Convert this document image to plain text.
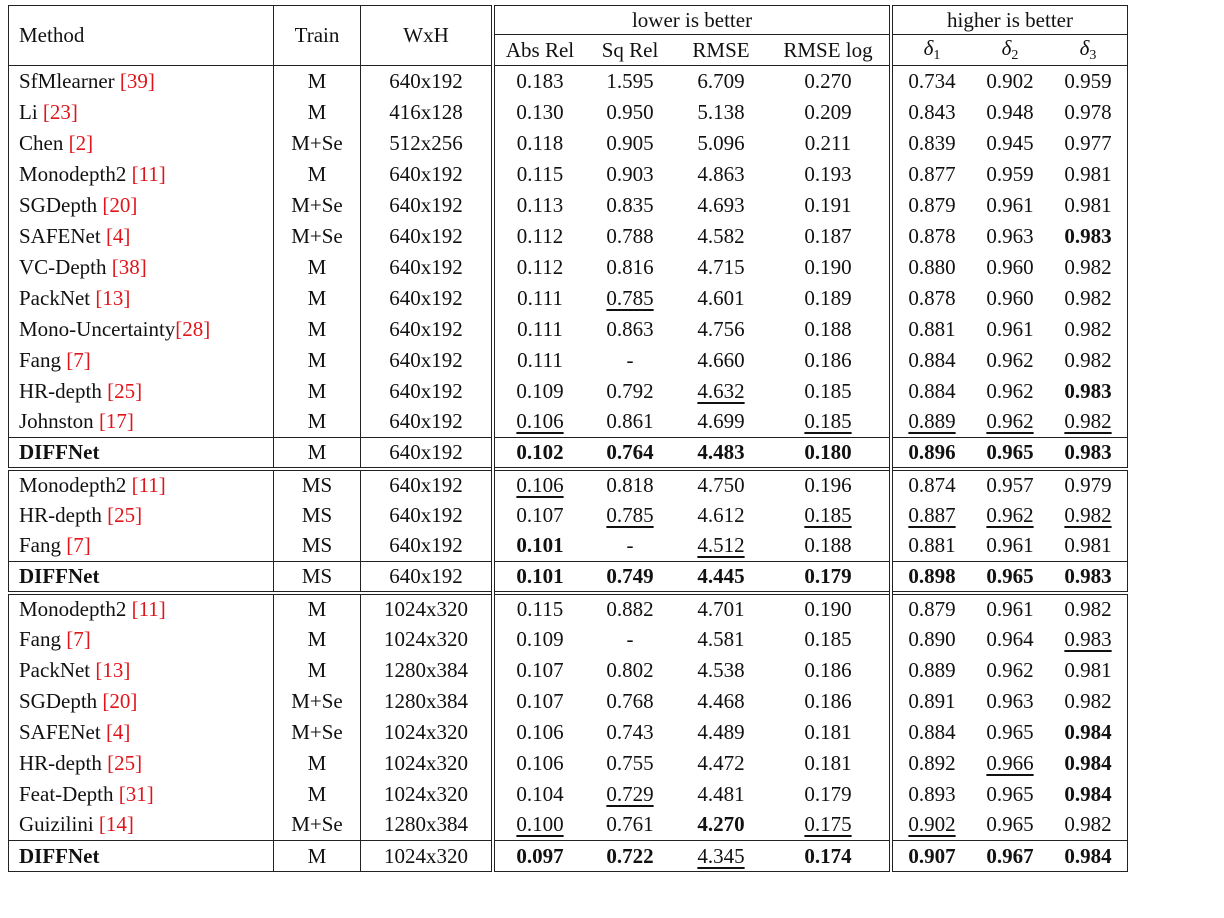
Method	Train	WxH	lower is better				higher is better		
			Abs Rel	Sq Rel	RMSE	RMSE log	$\delta_1$	$\delta_2$	$\delta_3$
SfMlearner [39]	M	640x192	0.183	1.595	6.709	0.270	0.734	0.902	0.959
Li [23]	M	416x128	0.130	0.950	5.138	0.209	0.843	0.948	0.978
Chen [2]	M+Se	512x256	0.118	0.905	5.096	0.211	0.839	0.945	0.977
Monodepth2 [11]	M	640x192	0.115	0.903	4.863	0.193	0.877	0.959	0.981
SGDepth [20]	M+Se	640x192	0.113	0.835	4.693	0.191	0.879	0.961	0.981
SAFENet [4]	M+Se	640x192	0.112	0.788	4.582	0.187	0.878	0.963	0.983
VC-Depth [38]	M	640x192	0.112	0.816	4.715	0.190	0.880	0.960	0.982
PackNet [13]	M	640x192	0.111	0.785	4.601	0.189	0.878	0.960	0.982
Mono-Uncertainty[28]	M	640x192	0.111	0.863	4.756	0.188	0.881	0.961	0.982
Fang [7]	M	640x192	0.111	-	4.660	0.186	0.884	0.962	0.982
HR-depth [25]	M	640x192	0.109	0.792	4.632	0.185	0.884	0.962	0.983
Johnston [17]	M	640x192	0.106	0.861	4.699	0.185	0.889	0.962	0.982
DIFFNet	M	640x192	0.102	0.764	4.483	0.180	0.896	0.965	0.983
Monodepth2 [11]	MS	640x192	0.106	0.818	4.750	0.196	0.874	0.957	0.979
HR-depth [25]	MS	640x192	0.107	0.785	4.612	0.185	0.887	0.962	0.982
Fang [7]	MS	640x192	0.101	-	4.512	0.188	0.881	0.961	0.981
DIFFNet	MS	640x192	0.101	0.749	4.445	0.179	0.898	0.965	0.983
Monodepth2 [11]	M	1024x320	0.115	0.882	4.701	0.190	0.879	0.961	0.982
Fang [7]	M	1024x320	0.109	-	4.581	0.185	0.890	0.964	0.983
PackNet [13]	M	1280x384	0.107	0.802	4.538	0.186	0.889	0.962	0.981
SGDepth [20]	M+Se	1280x384	0.107	0.768	4.468	0.186	0.891	0.963	0.982
SAFENet [4]	M+Se	1024x320	0.106	0.743	4.489	0.181	0.884	0.965	0.984
HR-depth [25]	M	1024x320	0.106	0.755	4.472	0.181	0.892	0.966	0.984
Feat-Depth [31]	M	1024x320	0.104	0.729	4.481	0.179	0.893	0.965	0.984
Guizilini [14]	M+Se	1280x384	0.100	0.761	4.270	0.175	0.902	0.965	0.982
DIFFNet	M	1024x320	0.097	0.722	4.345	0.174	0.907	0.967	0.984
